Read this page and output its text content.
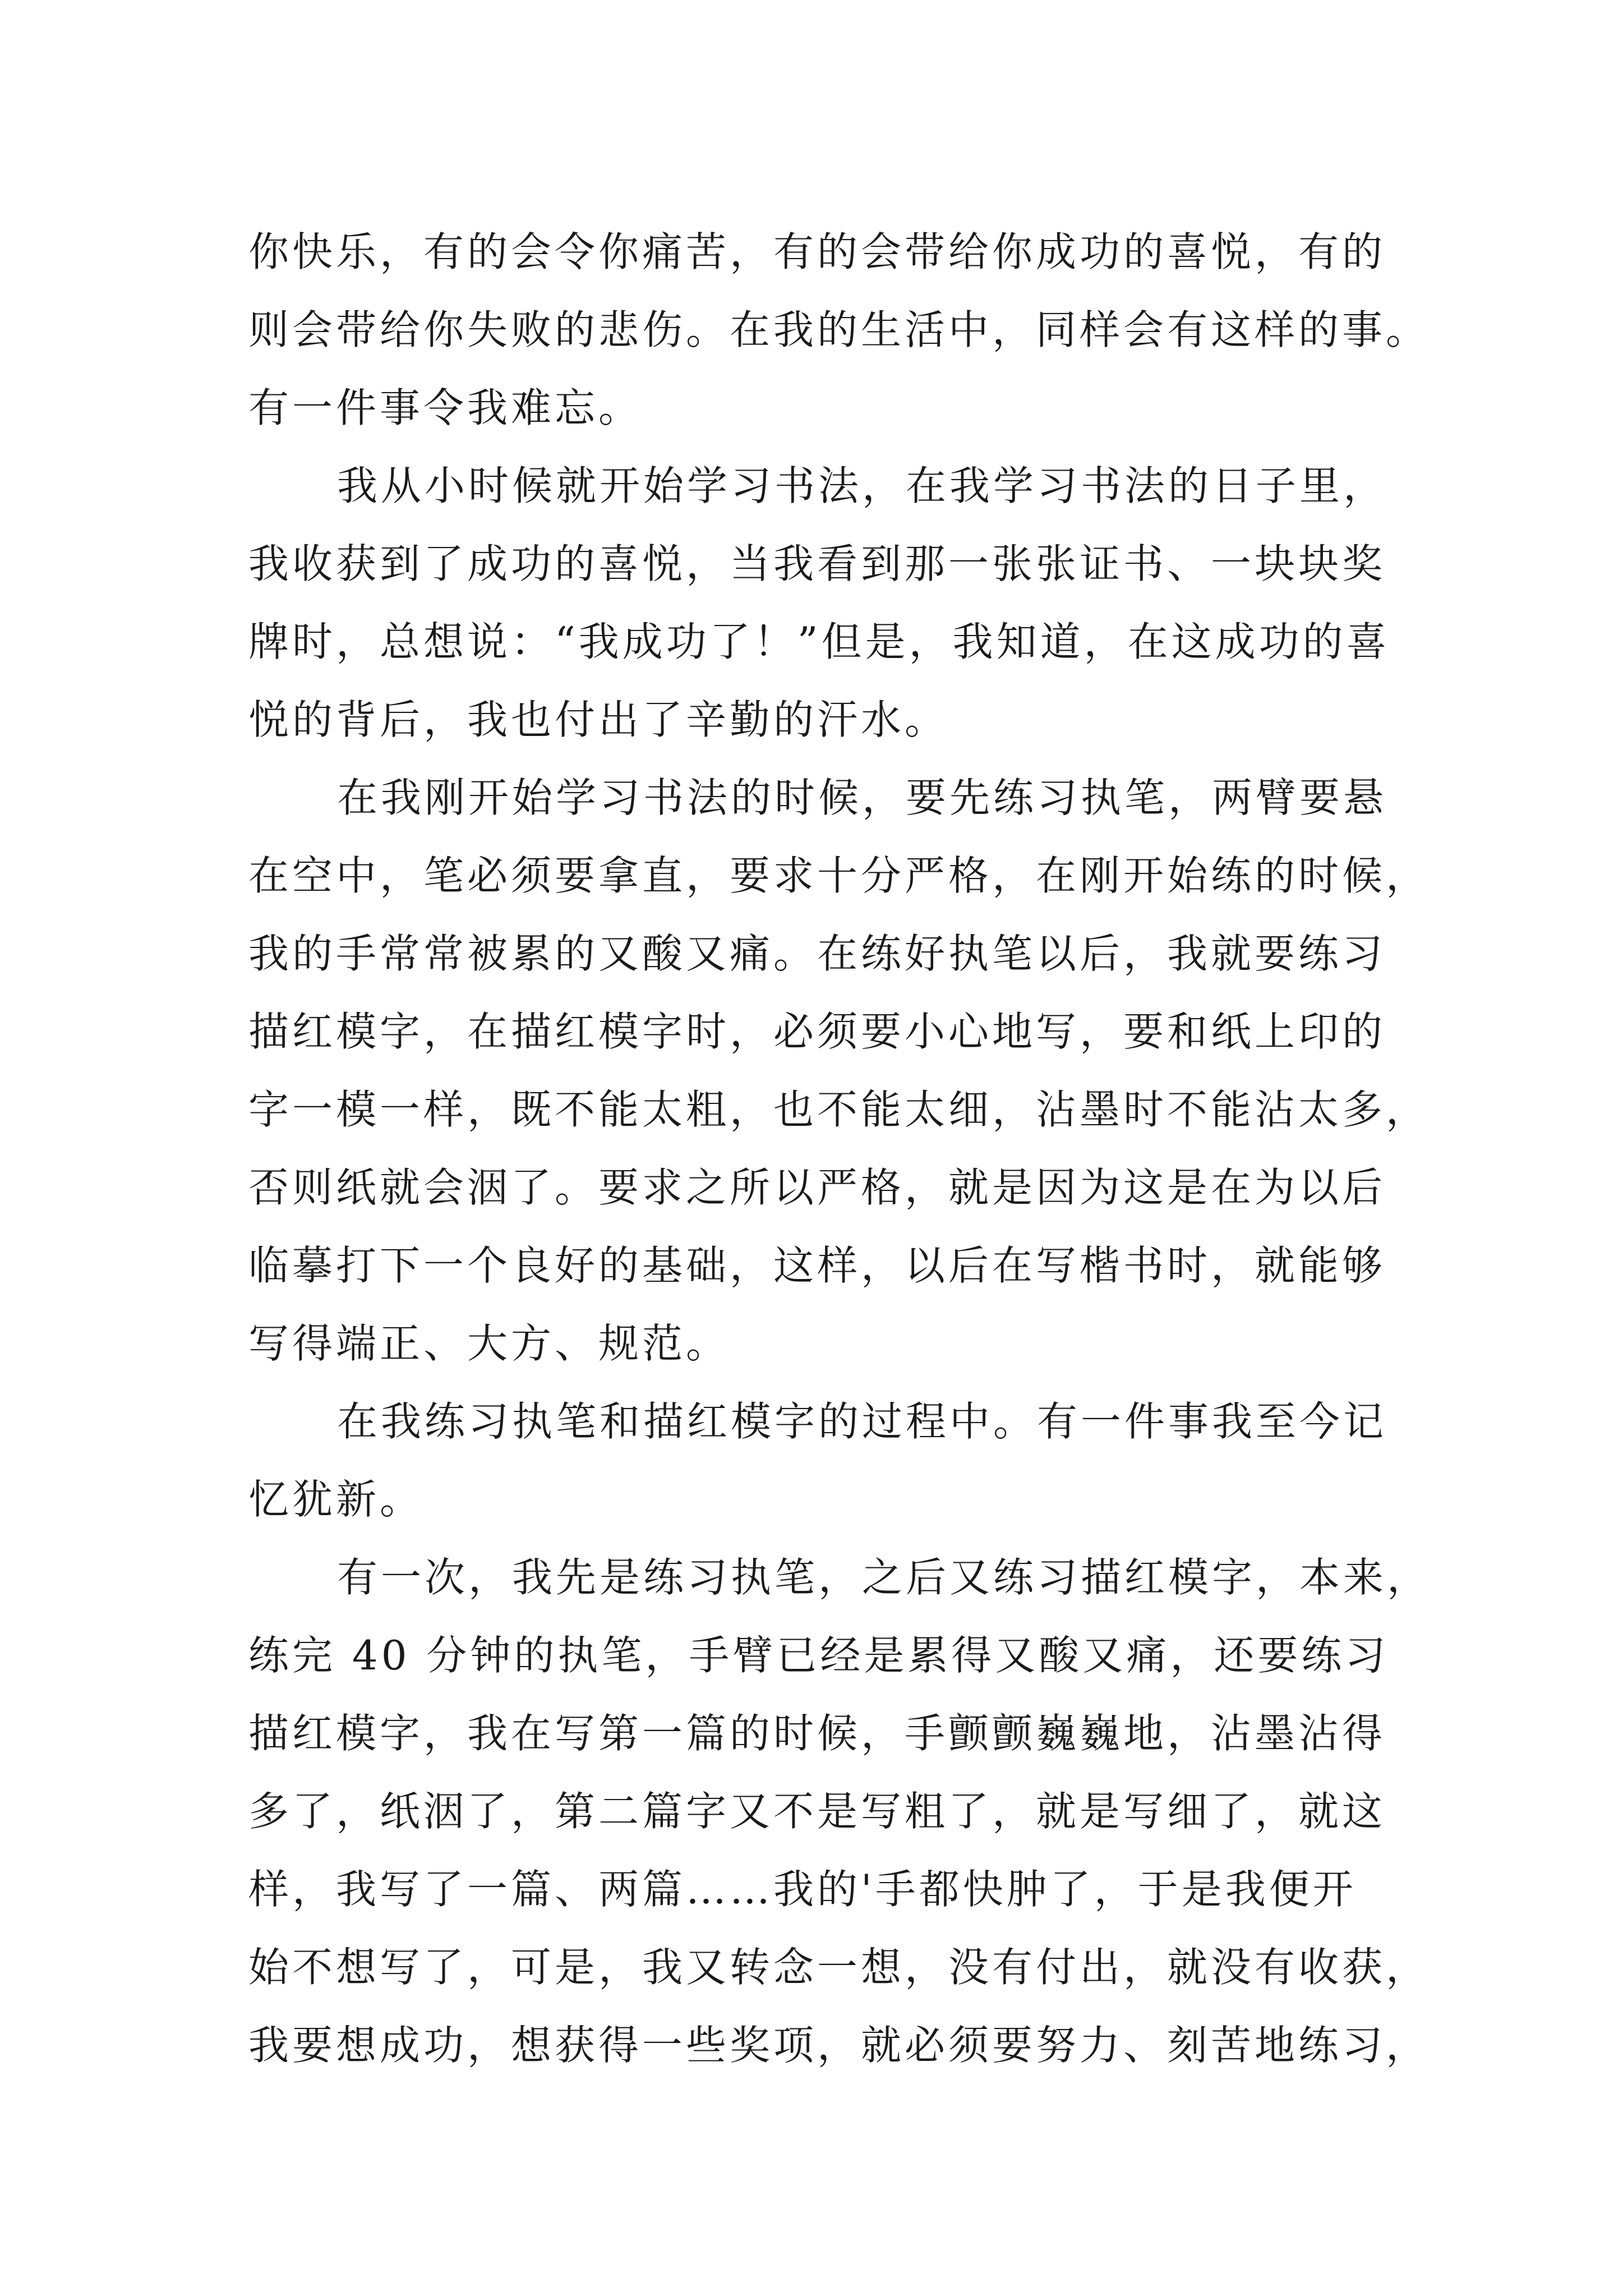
你快乐，有的会令你痛苦，有的会带给你成功的喜悦，有的
则会带给你失败的悲伤。在我的生活中，同样会有这样的事。
有一件事令我难忘。
我从小时候就开始学习书法，在我学习书法的日子里，
我收获到了成功的喜悦，当我看到那一张张证书、一块块奖
牌时，总想说：“我成功了！”但是，我知道，在这成功的喜
悦的背后，我也付出了辛勤的汗水。
在我刚开始学习书法的时候，要先练习执笔，两臂要悬
在空中，笔必须要拿直，要求十分严格，在刚开始练的时候，
我的手常常被累的又酸又痛。在练好执笔以后，我就要练习
描红模字，在描红模字时，必须要小心地写，要和纸上印的
字一模一样，既不能太粗，也不能太细，沾墨时不能沾太多，
否则纸就会洇了。要求之所以严格，就是因为这是在为以后
临摹打下一个良好的基础，这样，以后在写楷书时，就能够
写得端正、大方、规范。
在我练习执笔和描红模字的过程中。有一件事我至今记
忆犹新。
有一次，我先是练习执笔，之后又练习描红模字，本来，
练完 40 分钟的执笔，手臂已经是累得又酸又痛，还要练习
描红模字，我在写第一篇的时候，手颤颤巍巍地，沾墨沾得
多了，纸洇了，第二篇字又不是写粗了，就是写细了，就这
样，我写了一篇、两篇……我的'手都快肿了，于是我便开
始不想写了，可是，我又转念一想，没有付出，就没有收获，
我要想成功，想获得一些奖项，就必须要努力、刻苦地练习，
